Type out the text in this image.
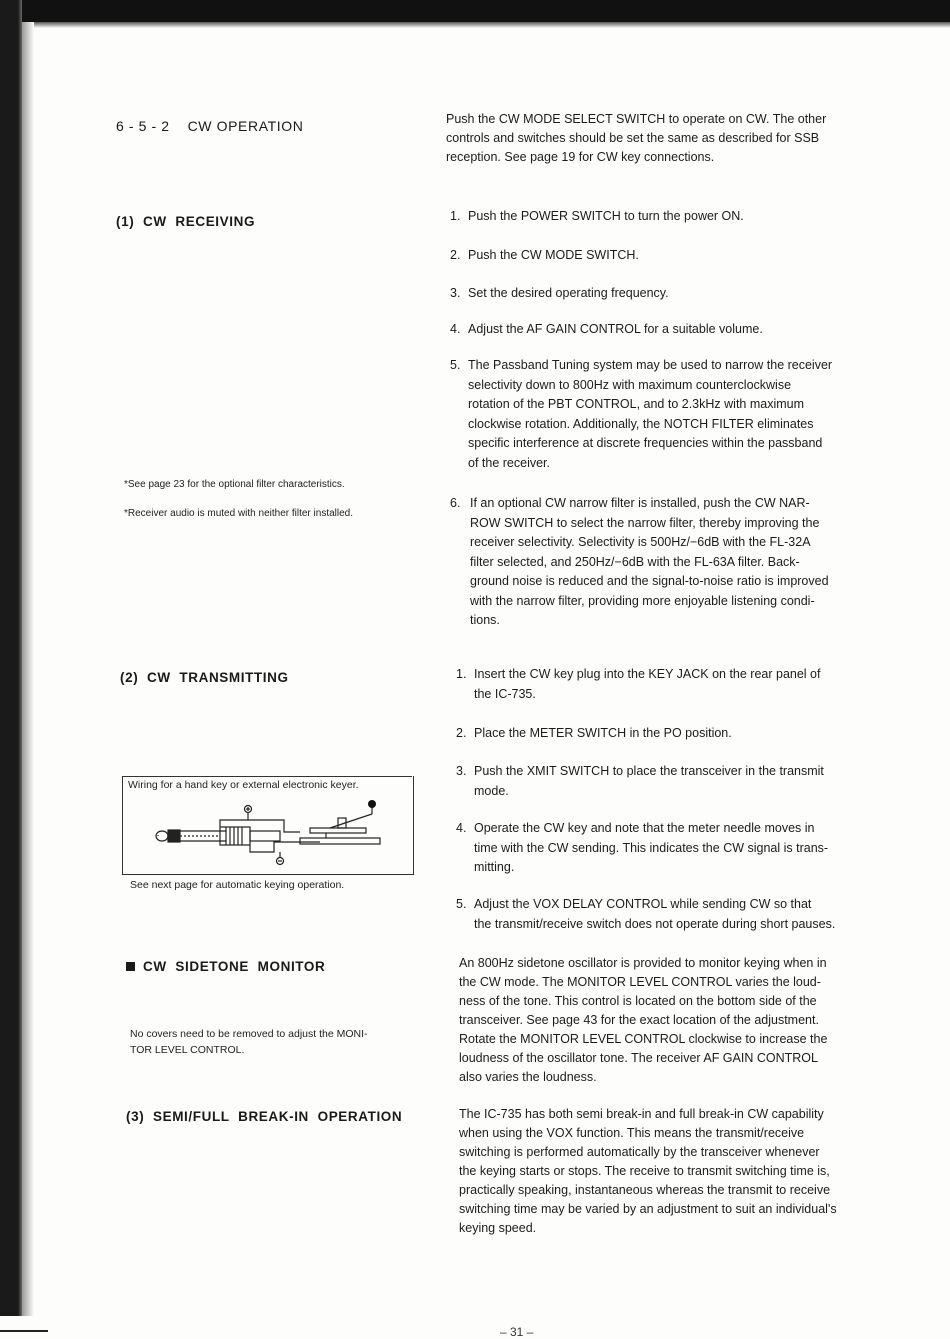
6 - 5 - 2    CW OPERATION	Push the CW MODE SELECT SWITCH to operate on CW. The other
controls and switches should be set the same as described for SSB
reception. See page 19 for CW key connections.
(1)  CW  RECEIVING	1. Push the POWER SWITCH to turn the power ON.
2. Push the CW MODE SWITCH.
3. Set the desired operating frequency.
4. Adjust the AF GAIN CONTROL for a suitable volume.
5. The Passband Tuning system may be used to narrow the receiver
selectivity down to 800Hz with maximum counterclockwise
rotation of the PBT CONTROL, and to 2.3kHz with maximum
clockwise rotation. Additionally, the NOTCH FILTER eliminates
specific interference at discrete frequencies within the passband
of the receiver.

*See page 23 for the optional filter characteristics.

*Receiver audio is muted with neither filter installed.

6. If an optional CW narrow filter is installed, push the CW NAR-
ROW SWITCH to select the narrow filter, thereby improving the
receiver selectivity. Selectivity is 500Hz/−6dB with the FL-32A
filter selected, and 250Hz/−6dB with the FL-63A filter. Back-
ground noise is reduced and the signal-to-noise ratio is improved
with the narrow filter, providing more enjoyable listening condi-
tions.
(2)  CW  TRANSMITTING	1. Insert the CW key plug into the KEY JACK on the rear panel of
the IC-735.
2. Place the METER SWITCH in the PO position.
3. Push the XMIT SWITCH to place the transceiver in the transmit
mode.
4. Operate the CW key and note that the meter needle moves in
time with the CW sending. This indicates the CW signal is trans-
mitting.
5. Adjust the VOX DELAY CONTROL while sending CW so that
the transmit/receive switch does not operate during short pauses.
Wiring for a hand key or external electronic keyer.

See next page for automatic keying operation.

CW  SIDETONE  MONITOR
No covers need to be removed to adjust the MONI-
TOR LEVEL CONTROL.
An 800Hz sidetone oscillator is provided to monitor keying when in
the CW mode. The MONITOR LEVEL CONTROL varies the loud-
ness of the tone. This control is located on the bottom side of the
transceiver. See page 43 for the exact location of the adjustment.
Rotate the MONITOR LEVEL CONTROL clockwise to increase the
loudness of the oscillator tone. The receiver AF GAIN CONTROL
also varies the loudness.
(3)  SEMI/FULL  BREAK-IN  OPERATION	The IC-735 has both semi break-in and full break-in CW capability
when using the VOX function. This means the transmit/receive
switching is performed automatically by the transceiver whenever
the keying starts or stops. The receive to transmit switching time is,
practically speaking, instantaneous whereas the transmit to receive
switching time may be varied by an adjustment to suit an individual's
keying speed.

– 31 –
